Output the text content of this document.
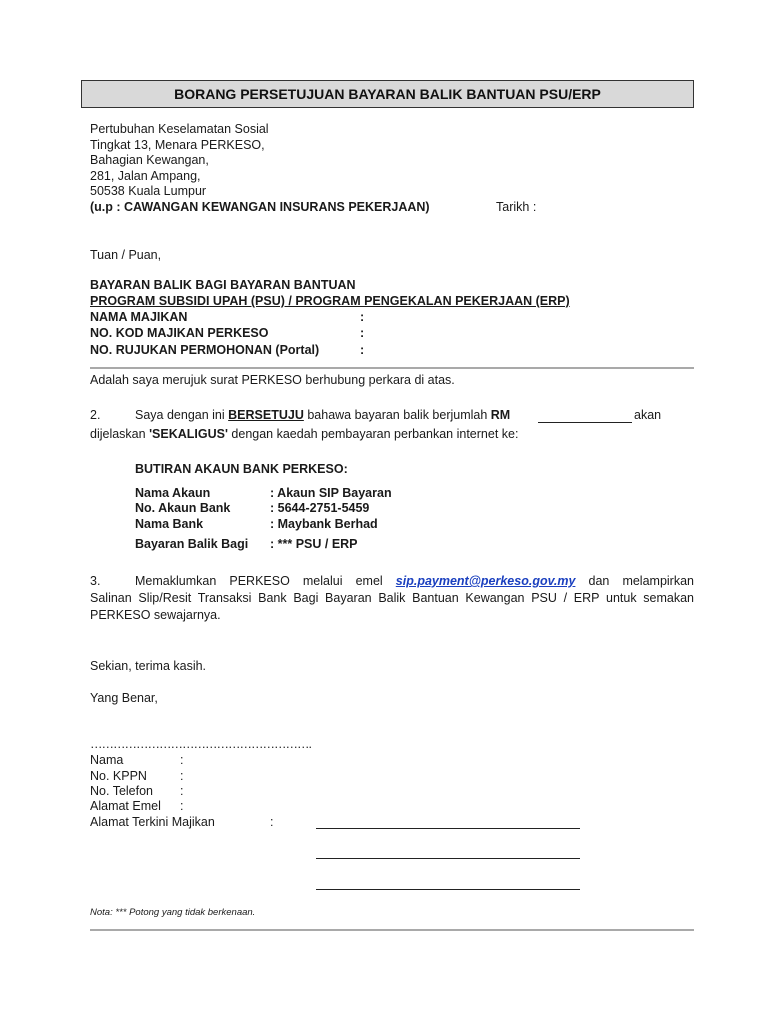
BORANG PERSETUJUAN BAYARAN BALIK BANTUAN PSU/ERP
Pertubuhan Keselamatan Sosial
Tingkat 13, Menara PERKESO,
Bahagian Kewangan,
281, Jalan Ampang,
50538 Kuala Lumpur
(u.p : CAWANGAN KEWANGAN INSURANS PEKERJAAN)	Tarikh :
Tuan / Puan,
BAYARAN BALIK BAGI BAYARAN BANTUAN
PROGRAM SUBSIDI UPAH (PSU) / PROGRAM PENGEKALAN PEKERJAAN (ERP)
NAMA MAJIKAN	:
NO. KOD MAJIKAN PERKESO	:
NO. RUJUKAN PERMOHONAN (Portal)	:
Adalah saya merujuk surat PERKESO berhubung perkara di atas.
2.	Saya dengan ini BERSETUJU bahawa bayaran balik berjumlah RM	akan
dijelaskan 'SEKALIGUS' dengan kaedah pembayaran perbankan internet ke:
BUTIRAN AKAUN BANK PERKESO:
Nama Akaun	: Akaun SIP Bayaran
No. Akaun Bank	: 5644-2751-5459
Nama Bank	: Maybank Berhad
Bayaran Balik Bagi : *** PSU / ERP
3.	Memaklumkan PERKESO melalui emel sip.payment@perkeso.gov.my dan melampirkan
Salinan Slip/Resit Transaksi Bank Bagi Bayaran Balik Bantuan Kewangan PSU / ERP untuk semakan
PERKESO sewajarnya.
Sekian, terima kasih.
Yang Benar,
………………………………………………….
Nama	:
No. KPPN	:
No. Telefon :
Alamat Emel :
Alamat Terkini Majikan	:
Nota: *** Potong yang tidak berkenaan.
